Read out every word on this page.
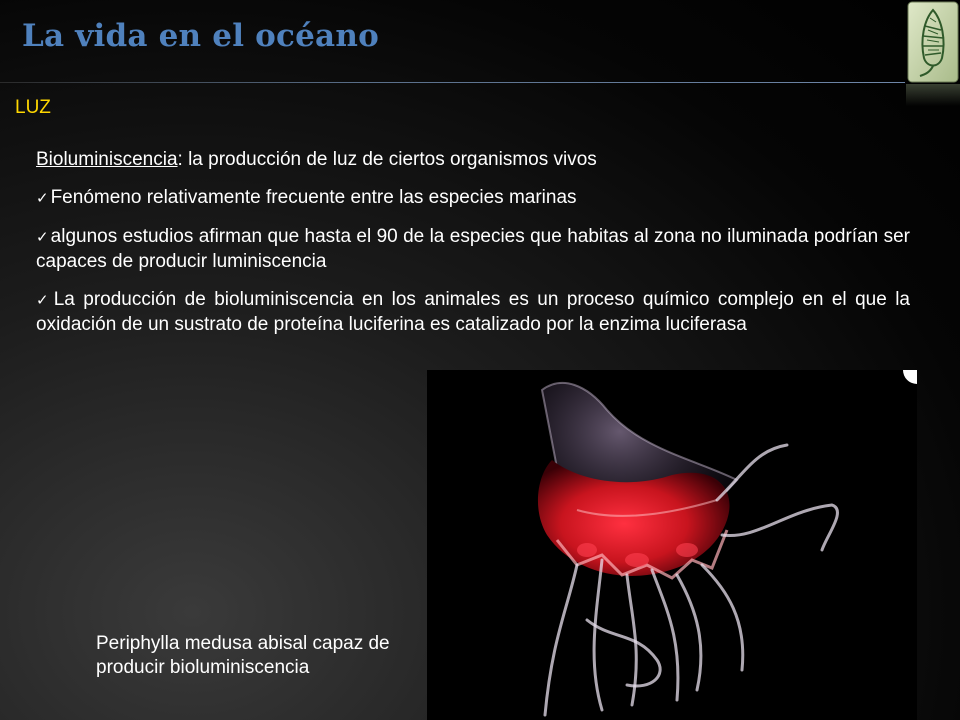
La vida en el océano
LUZ

Bioluminiscencia: la producción de luz de ciertos organismos vivos

✓ Fenómeno relativamente frecuente entre las especies marinas

✓ algunos estudios afirman que hasta el 90 de la especies que habitas al zona no iluminada podrían ser capaces de producir luminiscencia

✓ La producción de bioluminiscencia en los animales es un proceso químico complejo en el que la oxidación de un sustrato de proteína luciferina es catalizado por la enzima luciferasa

Periphylla medusa abisal capaz de producir bioluminiscencia
